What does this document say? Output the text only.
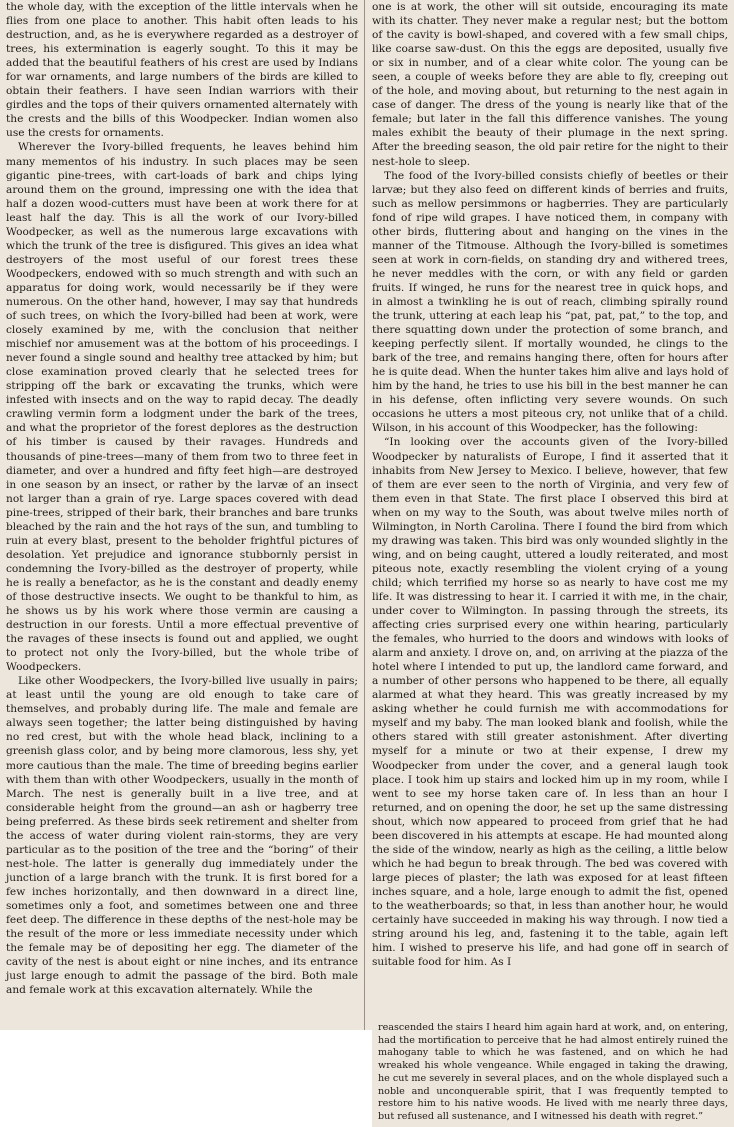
the whole day, with the exception of the little intervals when he flies from one place to another. This habit often leads to his destruction, and, as he is everywhere regarded as a destroyer of trees, his extermination is eagerly sought. To this it may be added that the beautiful feathers of his crest are used by Indians for war ornaments, and large numbers of the birds are killed to obtain their feathers. I have seen Indian warriors with their girdles and the tops of their quivers ornamented alternately with the crests and the bills of this Woodpecker. Indian women also use the crests for ornaments.

Wherever the Ivory-billed frequents, he leaves behind him many mementos of his industry. In such places may be seen gigantic pine-trees, with cart-loads of bark and chips lying around them on the ground, impressing one with the idea that half a dozen wood-cutters must have been at work there for at least half the day. This is all the work of our Ivory-billed Woodpecker, as well as the numerous large excavations with which the trunk of the tree is disfigured. This gives an idea what destroyers of the most useful of our forest trees these Woodpeckers, endowed with so much strength and with such an apparatus for doing work, would necessarily be if they were numerous. On the other hand, however, I may say that hundreds of such trees, on which the Ivory-billed had been at work, were closely examined by me, with the conclusion that neither mischief nor amusement was at the bottom of his proceedings. I never found a single sound and healthy tree attacked by him; but close examination proved clearly that he selected trees for stripping off the bark or excavating the trunks, which were infested with insects and on the way to rapid decay. The deadly crawling vermin form a lodgment under the bark of the trees, and what the proprietor of the forest deplores as the destruction of his timber is caused by their ravages. Hundreds and thousands of pine-trees—many of them from two to three feet in diameter, and over a hundred and fifty feet high—are destroyed in one season by an insect, or rather by the larvæ of an insect not larger than a grain of rye. Large spaces covered with dead pine-trees, stripped of their bark, their branches and bare trunks bleached by the rain and the hot rays of the sun, and tumbling to ruin at every blast, present to the beholder frightful pictures of desolation. Yet prejudice and ignorance stubbornly persist in condemning the Ivory-billed as the destroyer of property, while he is really a benefactor, as he is the constant and deadly enemy of those destructive insects. We ought to be thankful to him, as he shows us by his work where those vermin are causing a destruction in our forests. Until a more effectual preventive of the ravages of these insects is found out and applied, we ought to protect not only the Ivory-billed, but the whole tribe of Woodpeckers.

Like other Woodpeckers, the Ivory-billed live usually in pairs; at least until the young are old enough to take care of themselves, and probably during life. The male and female are always seen together; the latter being distinguished by having no red crest, but with the whole head black, inclining to a greenish glass color, and by being more clamorous, less shy, yet more cautious than the male. The time of breeding begins earlier with them than with other Woodpeckers, usually in the month of March. The nest is generally built in a live tree, and at considerable height from the ground—an ash or hagberry tree being preferred. As these birds seek retirement and shelter from the access of water during violent rain-storms, they are very particular as to the position of the tree and the “boring” of their nest-hole. The latter is generally dug immediately under the junction of a large branch with the trunk. It is first bored for a few inches horizontally, and then downward in a direct line, sometimes only a foot, and sometimes between one and three feet deep. The difference in these depths of the nest-hole may be the result of the more or less immediate necessity under which the female may be of depositing her egg. The diameter of the cavity of the nest is about eight or nine inches, and its entrance just large enough to admit the passage of the bird. Both male and female work at this excavation alternately. While the

one is at work, the other will sit outside, encouraging its mate with its chatter. They never make a regular nest; but the bottom of the cavity is bowl-shaped, and covered with a few small chips, like coarse saw-dust. On this the eggs are deposited, usually five or six in number, and of a clear white color. The young can be seen, a couple of weeks before they are able to fly, creeping out of the hole, and moving about, but returning to the nest again in case of danger. The dress of the young is nearly like that of the female; but later in the fall this difference vanishes. The young males exhibit the beauty of their plumage in the next spring. After the breeding season, the old pair retire for the night to their nest-hole to sleep.

The food of the Ivory-billed consists chiefly of beetles or their larvæ; but they also feed on different kinds of berries and fruits, such as mellow persimmons or hagberries. They are particularly fond of ripe wild grapes. I have noticed them, in company with other birds, fluttering about and hanging on the vines in the manner of the Titmouse. Although the Ivory-billed is sometimes seen at work in corn-fields, on standing dry and withered trees, he never meddles with the corn, or with any field or garden fruits. If winged, he runs for the nearest tree in quick hops, and in almost a twinkling he is out of reach, climbing spirally round the trunk, uttering at each leap his “pat, pat, pat,” to the top, and there squatting down under the protection of some branch, and keeping perfectly silent. If mortally wounded, he clings to the bark of the tree, and remains hanging there, often for hours after he is quite dead. When the hunter takes him alive and lays hold of him by the hand, he tries to use his bill in the best manner he can in his defense, often inflicting very severe wounds. On such occasions he utters a most piteous cry, not unlike that of a child. Wilson, in his account of this Woodpecker, has the following:

“In looking over the accounts given of the Ivory-billed Woodpecker by naturalists of Europe, I find it asserted that it inhabits from New Jersey to Mexico. I believe, however, that few of them are ever seen to the north of Virginia, and very few of them even in that State. The first place I observed this bird at when on my way to the South, was about twelve miles north of Wilmington, in North Carolina. There I found the bird from which my drawing was taken. This bird was only wounded slightly in the wing, and on being caught, uttered a loudly reiterated, and most piteous note, exactly resembling the violent crying of a young child; which terrified my horse so as nearly to have cost me my life. It was distressing to hear it. I carried it with me, in the chair, under cover to Wilmington. In passing through the streets, its affecting cries surprised every one within hearing, particularly the females, who hurried to the doors and windows with looks of alarm and anxiety. I drove on, and, on arriving at the piazza of the hotel where I intended to put up, the landlord came forward, and a number of other persons who happened to be there, all equally alarmed at what they heard. This was greatly increased by my asking whether he could furnish me with accommodations for myself and my baby. The man looked blank and foolish, while the others stared with still greater astonishment. After diverting myself for a minute or two at their expense, I drew my Woodpecker from under the cover, and a general laugh took place. I took him up stairs and locked him up in my room, while I went to see my horse taken care of. In less than an hour I returned, and on opening the door, he set up the same distressing shout, which now appeared to proceed from grief that he had been discovered in his attempts at escape. He had mounted along the side of the window, nearly as high as the ceiling, a little below which he had begun to break through. The bed was covered with large pieces of plaster; the lath was exposed for at least fifteen inches square, and a hole, large enough to admit the fist, opened to the weatherboards; so that, in less than another hour, he would certainly have succeeded in making his way through. I now tied a string around his leg, and, fastening it to the table, again left him. I wished to preserve his life, and had gone off in search of suitable food for him. As I

reascended the stairs I heard him again hard at work, and, on entering, had the mortification to perceive that he had almost entirely ruined the mahogany table to which he was fastened, and on which he had wreaked his whole vengeance. While engaged in taking the drawing, he cut me severely in several places, and on the whole displayed such a noble and unconquerable spirit, that I was frequently tempted to restore him to his native woods. He lived with me nearly three days, but refused all sustenance, and I witnessed his death with regret.”
